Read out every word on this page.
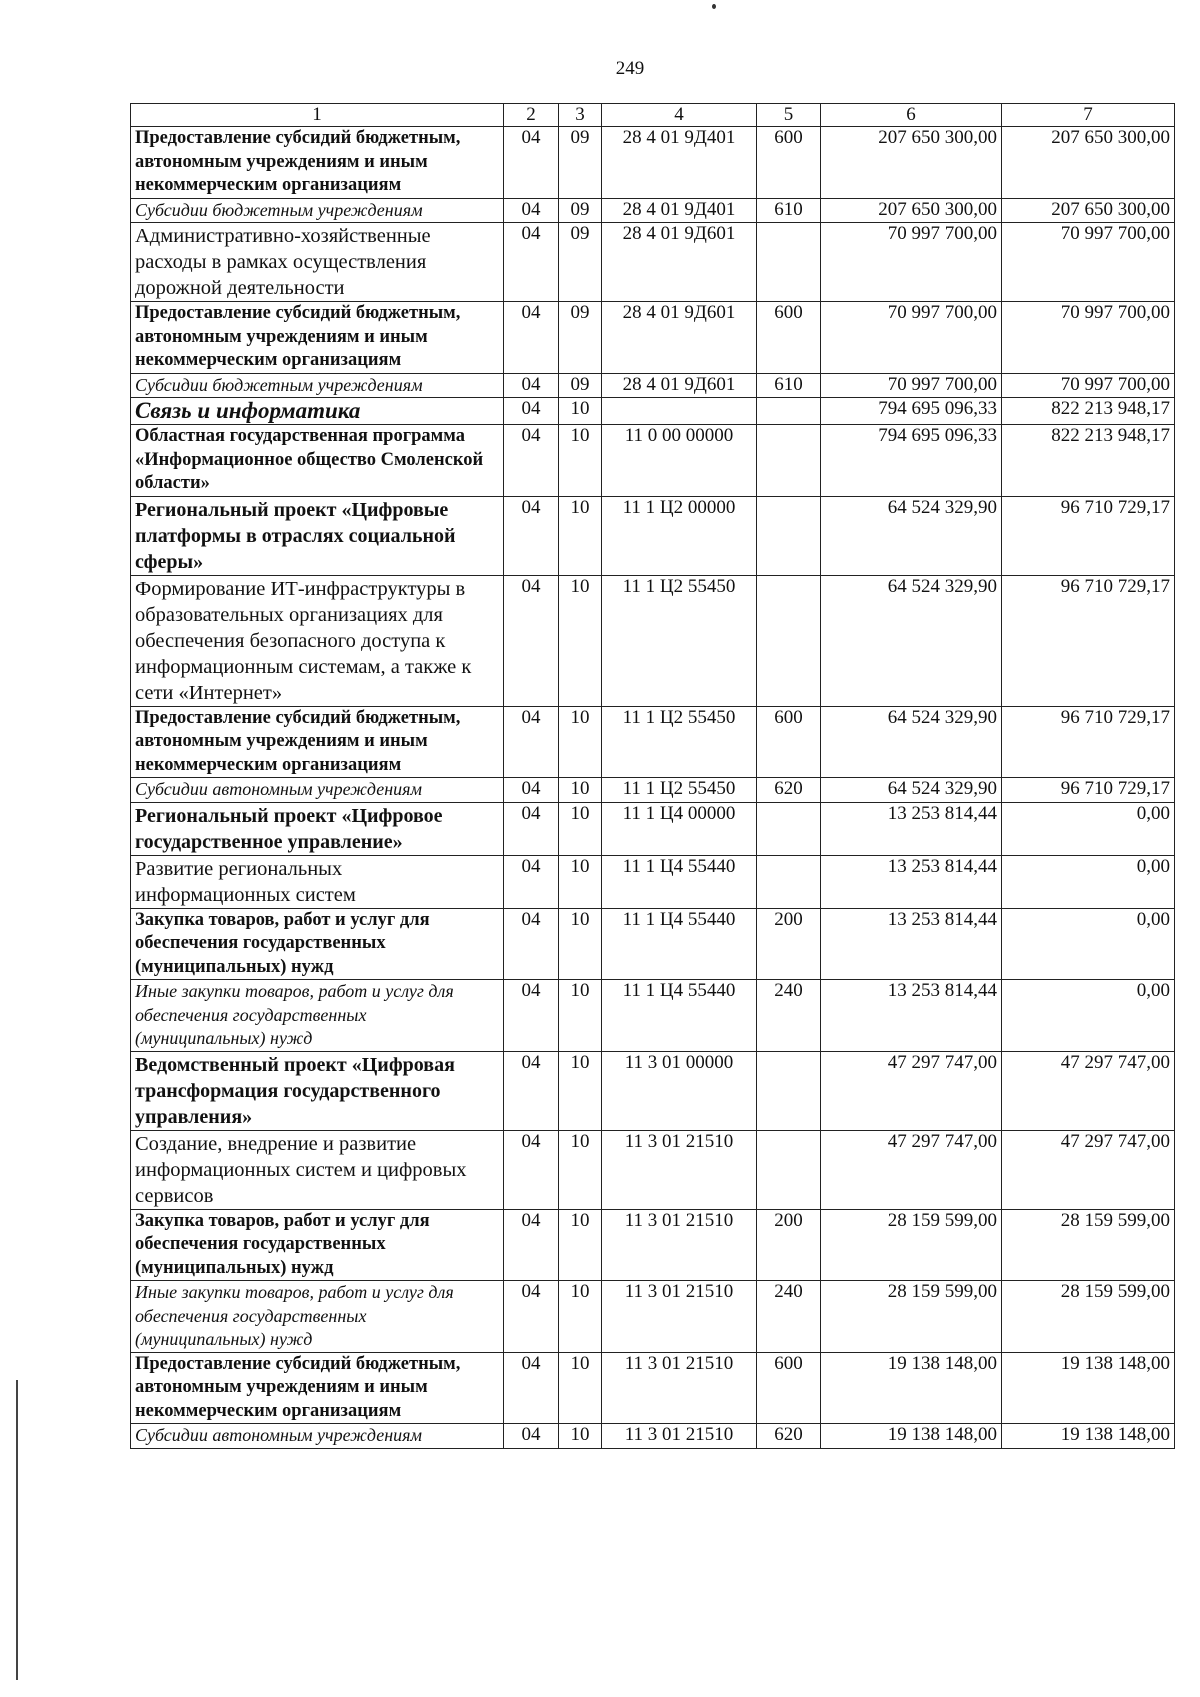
249
1	2	3	4	5	6	7
Предоставление субсидий бюджетным, автономным учреждениям и иным некоммерческим организациям	04	09	28 4 01 9Д401	600	207 650 300,00	207 650 300,00
Субсидии бюджетным учреждениям	04	09	28 4 01 9Д401	610	207 650 300,00	207 650 300,00
Административно-хозяйственные расходы в рамках осуществления дорожной деятельности	04	09	28 4 01 9Д601		70 997 700,00	70 997 700,00
Предоставление субсидий бюджетным, автономным учреждениям и иным некоммерческим организациям	04	09	28 4 01 9Д601	600	70 997 700,00	70 997 700,00
Субсидии бюджетным учреждениям	04	09	28 4 01 9Д601	610	70 997 700,00	70 997 700,00
Связь и информатика	04	10			794 695 096,33	822 213 948,17
Областная государственная программа «Информационное общество Смоленской области»	04	10	11 0 00 00000		794 695 096,33	822 213 948,17
Региональный проект «Цифровые платформы в отраслях социальной сферы»	04	10	11 1 Ц2 00000		64 524 329,90	96 710 729,17
Формирование ИТ-инфраструктуры в образовательных организациях для обеспечения безопасного доступа к информационным системам, а также к сети «Интернет»	04	10	11 1 Ц2 55450		64 524 329,90	96 710 729,17
Предоставление субсидий бюджетным, автономным учреждениям и иным некоммерческим организациям	04	10	11 1 Ц2 55450	600	64 524 329,90	96 710 729,17
Субсидии автономным учреждениям	04	10	11 1 Ц2 55450	620	64 524 329,90	96 710 729,17
Региональный проект «Цифровое государственное управление»	04	10	11 1 Ц4 00000		13 253 814,44	0,00
Развитие региональных информационных систем	04	10	11 1 Ц4 55440		13 253 814,44	0,00
Закупка товаров, работ и услуг для обеспечения государственных (муниципальных) нужд	04	10	11 1 Ц4 55440	200	13 253 814,44	0,00
Иные закупки товаров, работ и услуг для обеспечения государственных (муниципальных) нужд	04	10	11 1 Ц4 55440	240	13 253 814,44	0,00
Ведомственный проект «Цифровая трансформация государственного управления»	04	10	11 3 01 00000		47 297 747,00	47 297 747,00
Создание, внедрение и развитие информационных систем и цифровых сервисов	04	10	11 3 01 21510		47 297 747,00	47 297 747,00
Закупка товаров, работ и услуг для обеспечения государственных (муниципальных) нужд	04	10	11 3 01 21510	200	28 159 599,00	28 159 599,00
Иные закупки товаров, работ и услуг для обеспечения государственных (муниципальных) нужд	04	10	11 3 01 21510	240	28 159 599,00	28 159 599,00
Предоставление субсидий бюджетным, автономным учреждениям и иным некоммерческим организациям	04	10	11 3 01 21510	600	19 138 148,00	19 138 148,00
Субсидии автономным учреждениям	04	10	11 3 01 21510	620	19 138 148,00	19 138 148,00
